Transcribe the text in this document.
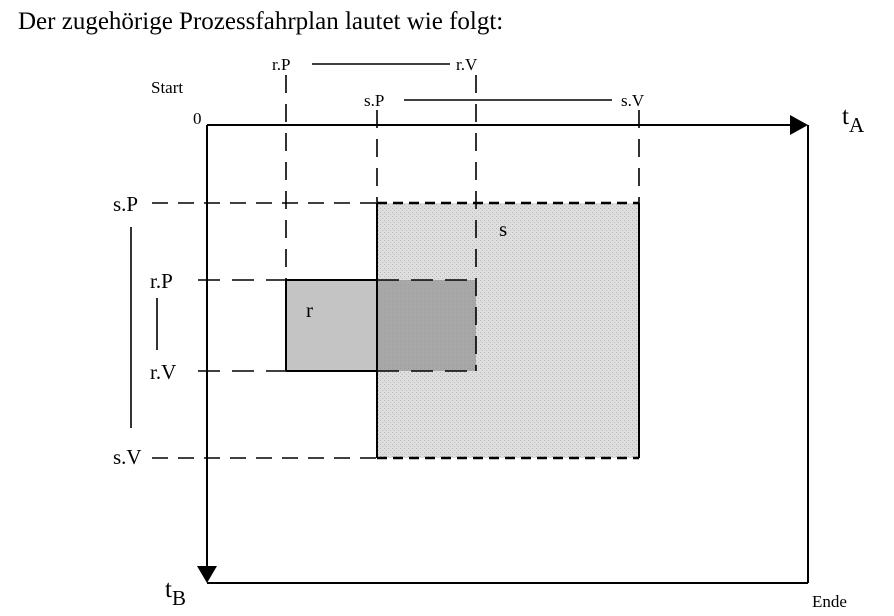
Der zugehörige Prozessfahrplan lautet wie folgt:
Start
0
Ende
$t_A$
$t_B$
r.P	r.V
s.P	s.V
s.P
r.P
r.V
s.V
s
r
